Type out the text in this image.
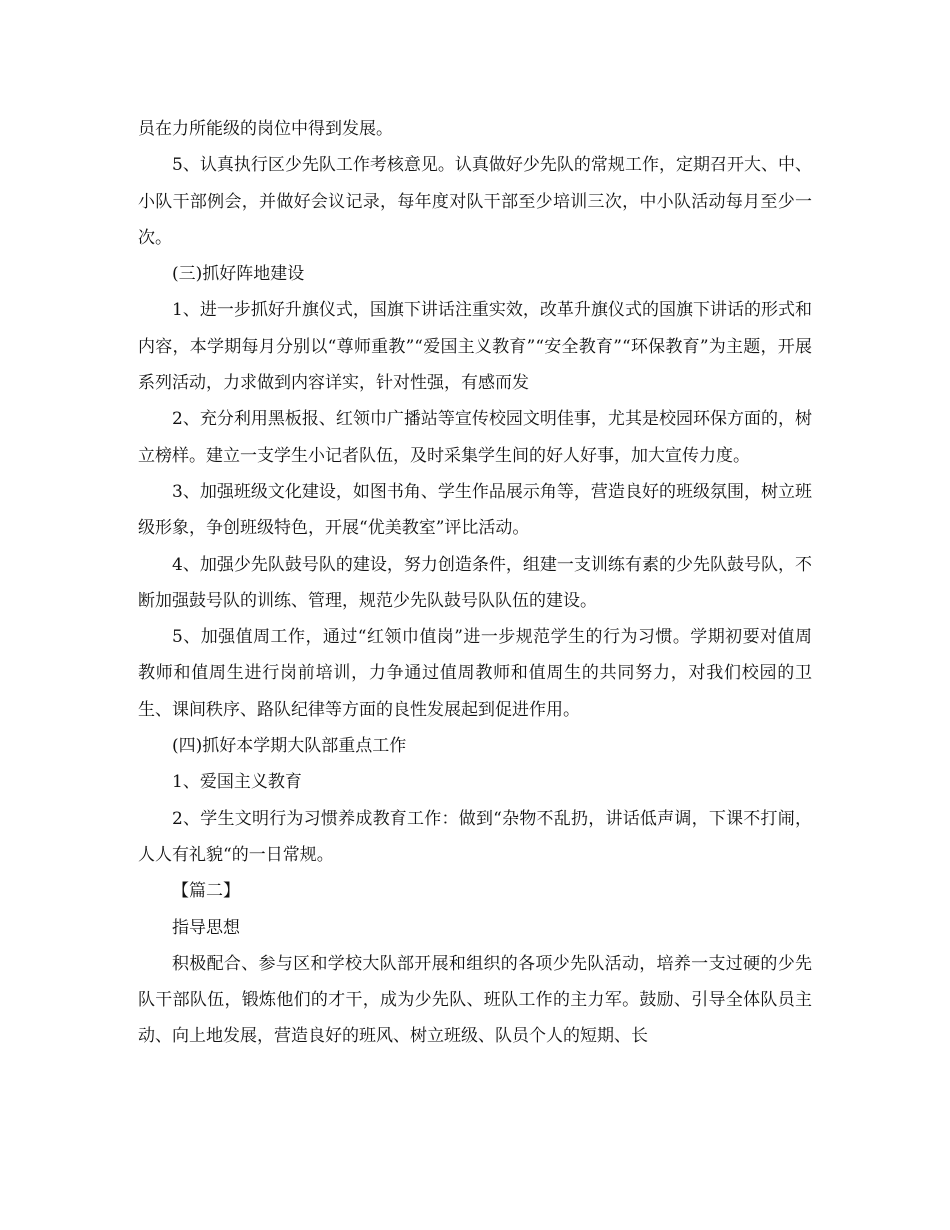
员在力所能级的岗位中得到发展。

5、认真执行区少先队工作考核意见。认真做好少先队的常规工作，定期召开大、中、小队干部例会，并做好会议记录，每年度对队干部至少培训三次，中小队活动每月至少一次。

(三)抓好阵地建设

1、进一步抓好升旗仪式，国旗下讲话注重实效，改革升旗仪式的国旗下讲话的形式和内容，本学期每月分别以“尊师重教”“爱国主义教育”“安全教育”“环保教育”为主题，开展系列活动，力求做到内容详实，针对性强，有感而发

2、充分利用黑板报、红领巾广播站等宣传校园文明佳事，尤其是校园环保方面的，树立榜样。建立一支学生小记者队伍，及时采集学生间的好人好事，加大宣传力度。

3、加强班级文化建设，如图书角、学生作品展示角等，营造良好的班级氛围，树立班级形象，争创班级特色，开展“优美教室”评比活动。

4、加强少先队鼓号队的建设，努力创造条件，组建一支训练有素的少先队鼓号队，不断加强鼓号队的训练、管理，规范少先队鼓号队队伍的建设。

5、加强值周工作，通过“红领巾值岗”进一步规范学生的行为习惯。学期初要对值周教师和值周生进行岗前培训，力争通过值周教师和值周生的共同努力，对我们校园的卫生、课间秩序、路队纪律等方面的良性发展起到促进作用。

(四)抓好本学期大队部重点工作

1、爱国主义教育

2、学生文明行为习惯养成教育工作：做到“杂物不乱扔，讲话低声调，下课不打闹，人人有礼貌“的一日常规。

【篇二】

指导思想

积极配合、参与区和学校大队部开展和组织的各项少先队活动，培养一支过硬的少先队干部队伍，锻炼他们的才干，成为少先队、班队工作的主力军。鼓励、引导全体队员主动、向上地发展，营造良好的班风、树立班级、队员个人的短期、长
